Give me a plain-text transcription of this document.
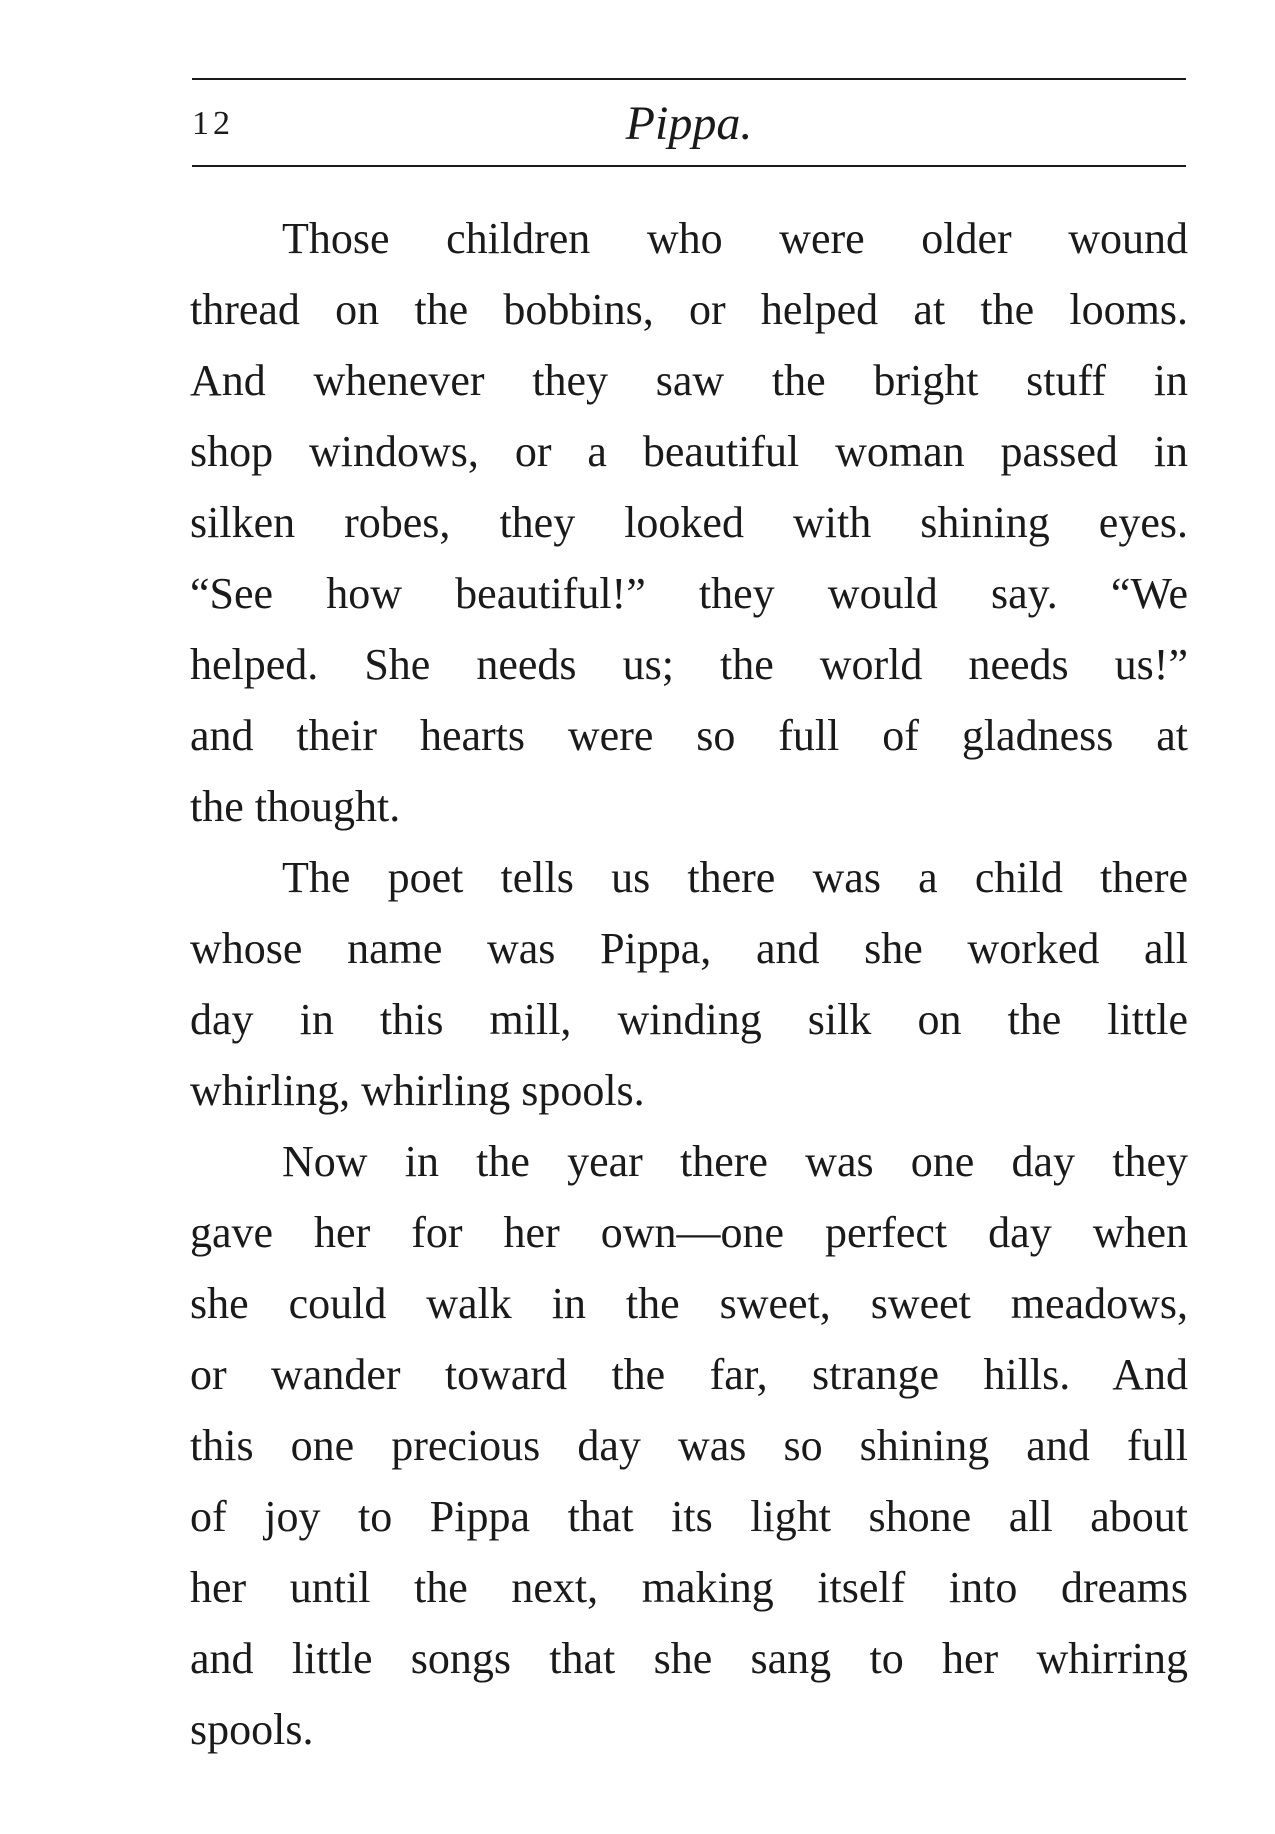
12	Pippa.
Those children who were older wound
thread on the bobbins, or helped at the looms.
And whenever they saw the bright stuff in
shop windows, or a beautiful woman passed in
silken robes, they looked with shining eyes.
“See how beautiful!” they would say. “We
helped. She needs us; the world needs us!”
and their hearts were so full of gladness at
the thought.
The poet tells us there was a child there
whose name was Pippa, and she worked all
day in this mill, winding silk on the little
whirling, whirling spools.
Now in the year there was one day they
gave her for her own—one perfect day when
she could walk in the sweet, sweet meadows,
or wander toward the far, strange hills. And
this one precious day was so shining and full
of joy to Pippa that its light shone all about
her until the next, making itself into dreams
and little songs that she sang to her whirring
spools.
